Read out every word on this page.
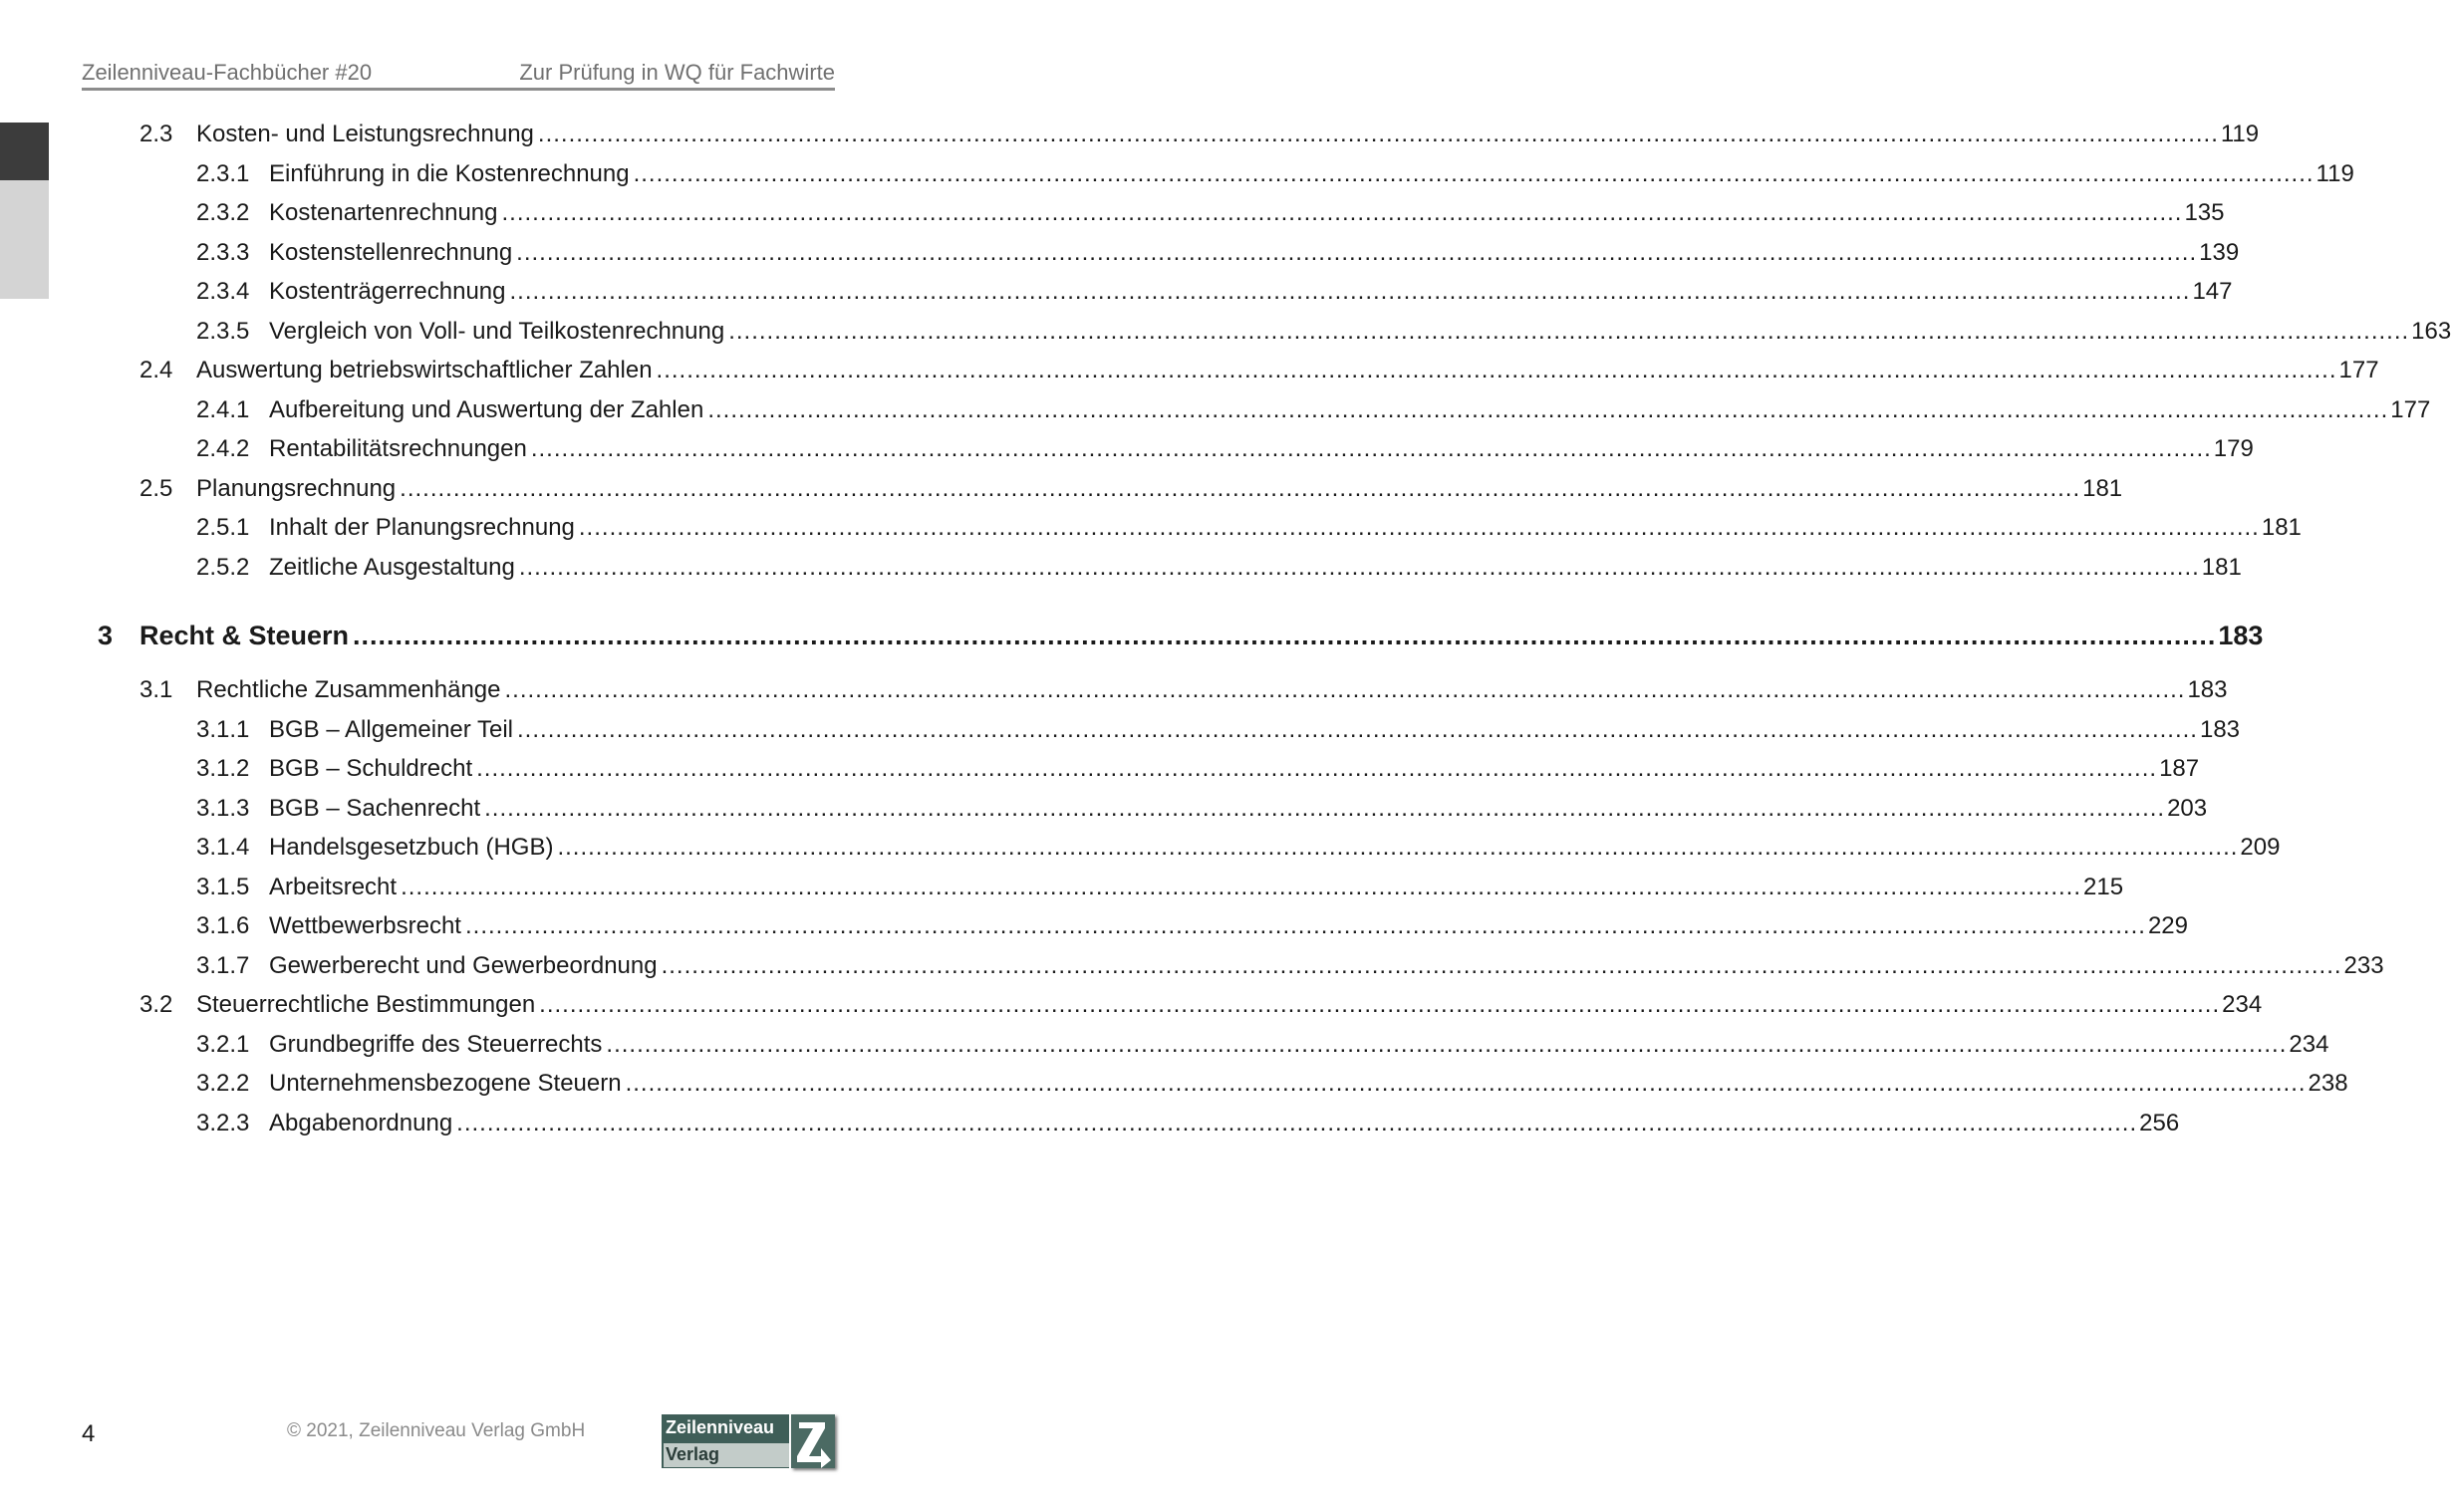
Zeilenniveau-Fachbücher #20	Zur Prüfung in WQ für Fachwirte
2.3 Kosten- und Leistungsrechnung ............................................................................................................................................................................................................................ 119
2.3.1 Einführung in die Kostenrechnung ............................................................................................................................................................................................................................ 119
2.3.2 Kostenartenrechnung ............................................................................................................................................................................................................................ 135
2.3.3 Kostenstellenrechnung ............................................................................................................................................................................................................................ 139
2.3.4 Kostenträgerrechnung ............................................................................................................................................................................................................................ 147
2.3.5 Vergleich von Voll- und Teilkostenrechnung ............................................................................................................................................................................................................................ 163
2.4 Auswertung betriebswirtschaftlicher Zahlen ............................................................................................................................................................................................................................ 177
2.4.1 Aufbereitung und Auswertung der Zahlen ............................................................................................................................................................................................................................ 177
2.4.2 Rentabilitätsrechnungen ............................................................................................................................................................................................................................ 179
2.5 Planungsrechnung ............................................................................................................................................................................................................................ 181
2.5.1 Inhalt der Planungsrechnung ............................................................................................................................................................................................................................ 181
2.5.2 Zeitliche Ausgestaltung ............................................................................................................................................................................................................................ 181
3 Recht & Steuern ............................................................................................................................................................................................................................ 183
3.1 Rechtliche Zusammenhänge ............................................................................................................................................................................................................................ 183
3.1.1 BGB – Allgemeiner Teil ............................................................................................................................................................................................................................ 183
3.1.2 BGB – Schuldrecht ............................................................................................................................................................................................................................ 187
3.1.3 BGB – Sachenrecht ............................................................................................................................................................................................................................ 203
3.1.4 Handelsgesetzbuch (HGB) ............................................................................................................................................................................................................................ 209
3.1.5 Arbeitsrecht ............................................................................................................................................................................................................................ 215
3.1.6 Wettbewerbsrecht ............................................................................................................................................................................................................................ 229
3.1.7 Gewerberecht und Gewerbeordnung ............................................................................................................................................................................................................................ 233
3.2 Steuerrechtliche Bestimmungen ............................................................................................................................................................................................................................ 234
3.2.1 Grundbegriffe des Steuerrechts ............................................................................................................................................................................................................................ 234
3.2.2 Unternehmensbezogene Steuern ............................................................................................................................................................................................................................ 238
3.2.3 Abgabenordnung ............................................................................................................................................................................................................................ 256
4	© 2021, Zeilenniveau Verlag GmbH	Zeilenniveau
Verlag
